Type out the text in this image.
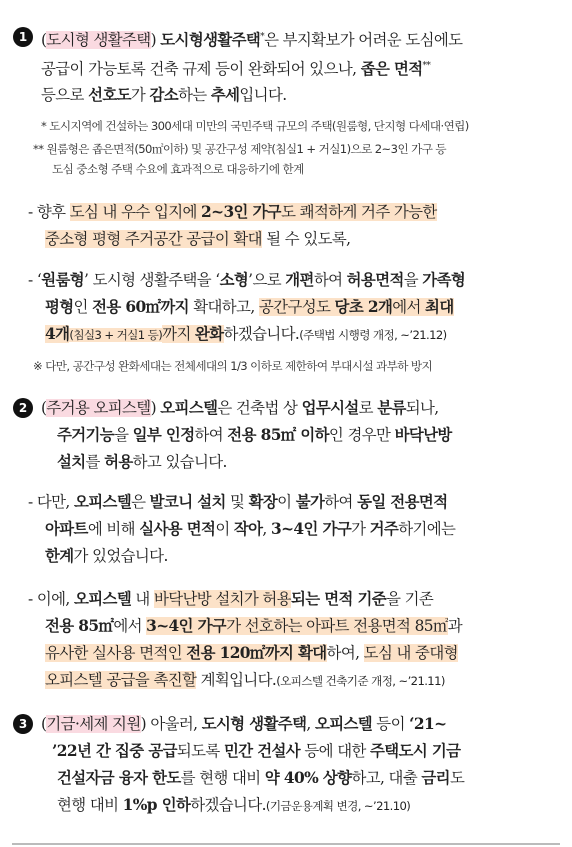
1 (도시형 생활주택) 도시형생활주택*은 부지확보가 어려운 도심에도
공급이 가능토록 건축 규제 등이 완화되어 있으나, 좁은 면적**
등으로 선호도가 감소하는 추세입니다.
* 도시지역에 건설하는 300세대 미만의 국민주택 규모의 주택(원룸형, 단지형 다세대·연립)
** 원룸형은 좁은면적(50㎡이하) 및 공간구성 제약(침실1 + 거실1)으로 2~3인 가구 등
도심 중소형 주택 수요에 효과적으로 대응하기에 한계
- 향후 도심 내 우수 입지에 2~3인 가구도 쾌적하게 거주 가능한
중소형 평형 주거공간 공급이 확대 될 수 있도록,
- ‘원룸형’ 도시형 생활주택을 ‘소형’으로 개편하여 허용면적을 가족형
평형인 전용 60㎡까지 확대하고, 공간구성도 당초 2개에서 최대
4개(침실3 + 거실1 등)까지 완화하겠습니다.(주택법 시행령 개정, ~’21.12)
※ 다만, 공간구성 완화세대는 전체세대의 1/3 이하로 제한하여 부대시설 과부하 방지
2 (주거용 오피스텔) 오피스텔은 건축법 상 업무시설로 분류되나,
주거기능을 일부 인정하여 전용 85㎡ 이하인 경우만 바닥난방
설치를 허용하고 있습니다.
- 다만, 오피스텔은 발코니 설치 및 확장이 불가하여 동일 전용면적
아파트에 비해 실사용 면적이 작아, 3~4인 가구가 거주하기에는
한계가 있었습니다.
- 이에, 오피스텔 내 바닥난방 설치가 허용되는 면적 기준을 기존
전용 85㎡에서 3~4인 가구가 선호하는 아파트 전용면적 85㎡과
유사한 실사용 면적인 전용 120㎡까지 확대하여, 도심 내 중대형
오피스텔 공급을 촉진할 계획입니다.(오피스텔 건축기준 개정, ~’21.11)
3 (기금·세제 지원) 아울러, 도시형 생활주택, 오피스텔 등이 ‘21~
’22년 간 집중 공급되도록 민간 건설사 등에 대한 주택도시 기금
건설자금 융자 한도를 현행 대비 약 40% 상향하고, 대출 금리도
현행 대비 1%p 인하하겠습니다.(기금운용계획 변경, ~’21.10)
